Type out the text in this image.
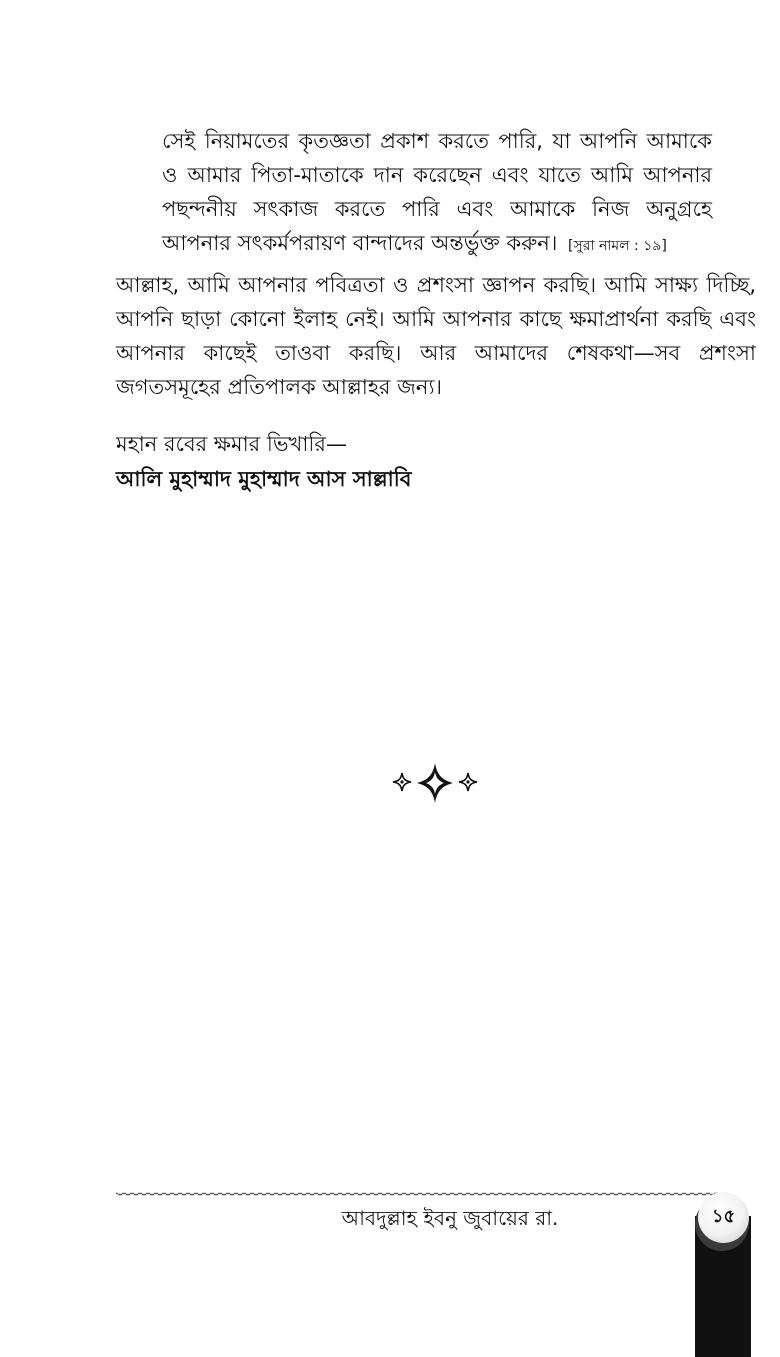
সেই নিয়ামতের কৃতজ্ঞতা প্রকাশ করতে পারি, যা আপনি আমাকে ও আমার পিতা-মাতাকে দান করেছেন এবং যাতে আমি আপনার পছন্দনীয় সৎকাজ করতে পারি এবং আমাকে নিজ অনুগ্রহে আপনার সৎকর্মপরায়ণ বান্দাদের অন্তর্ভুক্ত করুন। [সুরা নামল : ১৯]
আল্লাহ, আমি আপনার পবিত্রতা ও প্রশংসা জ্ঞাপন করছি। আমি সাক্ষ্য দিচ্ছি, আপনি ছাড়া কোনো ইলাহ নেই। আমি আপনার কাছে ক্ষমাপ্রার্থনা করছি এবং আপনার কাছেই তাওবা করছি। আর আমাদের শেষকথা—সব প্রশংসা জগতসমূহের প্রতিপালক আল্লাহর জন্য।
মহান রবের ক্ষমার ভিখারি—
আলি মুহাম্মাদ মুহাম্মাদ আস সাল্লাবি
আবদুল্লাহ ইবনু জুবায়ের রা.	১৫
